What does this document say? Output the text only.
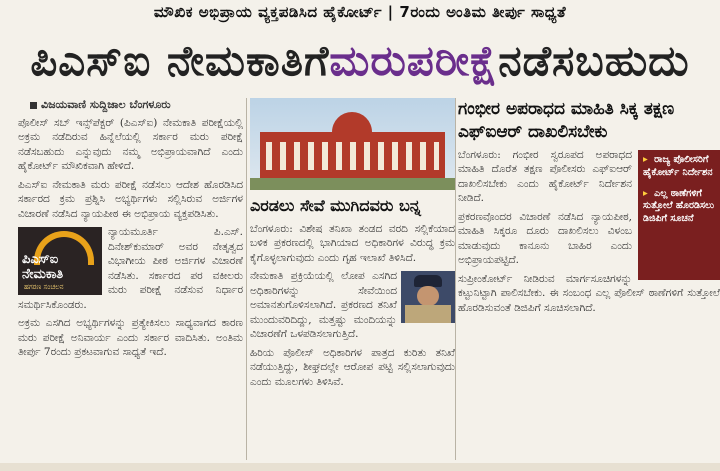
ಮೌಖಿಕ ಅಭಿಪ್ರಾಯ ವ್ಯಕ್ತಪಡಿಸಿದ ಹೈಕೋರ್ಟ್ | 7ರಂದು ಅಂತಿಮ ತೀರ್ಪು ಸಾಧ್ಯತೆ
ಪಿಎಸ್‌ಐ ನೇಮಕಾತಿಗೆ ಮರುಪರೀಕ್ಷೆ ನಡೆಸಬಹುದು
ವಿಜಯವಾಣಿ ಸುದ್ದಿಜಾಲ ಬೆಂಗಳೂರು

ಪೊಲೀಸ್ ಸಬ್ ಇನ್ಸ್‌ಪೆಕ್ಟರ್ (ಪಿಎಸ್‌ಐ) ನೇಮಕಾತಿ ಪರೀಕ್ಷೆಯಲ್ಲಿ ಅಕ್ರಮ ನಡೆದಿರುವ ಹಿನ್ನೆಲೆಯಲ್ಲಿ ಸರ್ಕಾರ ಮರು ಪರೀಕ್ಷೆ ನಡೆಸಬಹುದು ಎನ್ನುವುದು ನಮ್ಮ ಅಭಿಪ್ರಾಯವಾಗಿದೆ ಎಂದು ಹೈಕೋರ್ಟ್ ಮೌಖಿಕವಾಗಿ ಹೇಳಿದೆ.

ಪಿಎಸ್‌ಐ ನೇಮಕಾತಿ ಮರು ಪರೀಕ್ಷೆ ನಡೆಸಲು ಆದೇಶ ಹೊರಡಿಸಿದ ಸರ್ಕಾರದ ಕ್ರಮ ಪ್ರಶ್ನಿಸಿ ಅಭ್ಯರ್ಥಿಗಳು ಸಲ್ಲಿಸಿರುವ ಅರ್ಜಿಗಳ ವಿಚಾರಣೆ ನಡೆಸಿದ ನ್ಯಾಯಪೀಠ ಈ ಅಭಿಪ್ರಾಯ ವ್ಯಕ್ತಪಡಿಸಿತು.

ಪಿಎಸ್‌ಐ ನೇಮಕಾತಿ
ಹಗರಣ ಸಂಚಲನ

ನ್ಯಾಯಮೂರ್ತಿ ಪಿ.ಎಸ್. ದಿನೇಶ್‌ಕುಮಾರ್ ಅವರ ನೇತೃತ್ವದ ವಿಭಾಗೀಯ ಪೀಠ ಅರ್ಜಿಗಳ ವಿಚಾರಣೆ ನಡೆಸಿತು. ಸರ್ಕಾರದ ಪರ ವಕೀಲರು ಮರು ಪರೀಕ್ಷೆ ನಡೆಸುವ ನಿರ್ಧಾರ ಸಮರ್ಥಿಸಿಕೊಂಡರು.

ಅಕ್ರಮ ಎಸಗಿದ ಅಭ್ಯರ್ಥಿಗಳನ್ನು ಪ್ರತ್ಯೇಕಿಸಲು ಸಾಧ್ಯವಾಗದ ಕಾರಣ ಮರು ಪರೀಕ್ಷೆ ಅನಿವಾರ್ಯ ಎಂದು ಸರ್ಕಾರ ವಾದಿಸಿತು. ಅಂತಿಮ ತೀರ್ಪು 7ರಂದು ಪ್ರಕಟವಾಗುವ ಸಾಧ್ಯತೆ ಇದೆ.

ಎರಡಲು ಸೇವೆ ಮುಗಿದವರು ಬನ್ನ

ಬೆಂಗಳೂರು: ವಿಶೇಷ ತನಿಖಾ ತಂಡದ ವರದಿ ಸಲ್ಲಿಕೆಯಾದ ಬಳಿಕ ಪ್ರಕರಣದಲ್ಲಿ ಭಾಗಿಯಾದ ಅಧಿಕಾರಿಗಳ ವಿರುದ್ಧ ಕ್ರಮ ಕೈಗೊಳ್ಳಲಾಗುವುದು ಎಂದು ಗೃಹ ಇಲಾಖೆ ತಿಳಿಸಿದೆ.

ನೇಮಕಾತಿ ಪ್ರಕ್ರಿಯೆಯಲ್ಲಿ ಲೋಪ ಎಸಗಿದ ಅಧಿಕಾರಿಗಳನ್ನು ಸೇವೆಯಿಂದ ಅಮಾನತುಗೊಳಿಸಲಾಗಿದೆ. ಪ್ರಕರಣದ ತನಿಖೆ ಮುಂದುವರಿದಿದ್ದು, ಮತ್ತಷ್ಟು ಮಂದಿಯನ್ನು ವಿಚಾರಣೆಗೆ ಒಳಪಡಿಸಲಾಗುತ್ತಿದೆ.

ಹಿರಿಯ ಪೊಲೀಸ್ ಅಧಿಕಾರಿಗಳ ಪಾತ್ರದ ಕುರಿತು ತನಿಖೆ ನಡೆಯುತ್ತಿದ್ದು, ಶೀಘ್ರದಲ್ಲೇ ಆರೋಪ ಪಟ್ಟಿ ಸಲ್ಲಿಸಲಾಗುವುದು ಎಂದು ಮೂಲಗಳು ತಿಳಿಸಿವೆ.

ಗಂಭೀರ ಅಪರಾಧದ ಮಾಹಿತಿ ಸಿಕ್ಕ ತಕ್ಷಣ ಎಫ್‌ಐಆರ್ ದಾಖಲಿಸಬೇಕು
▸ ರಾಜ್ಯ ಪೊಲೀಸರಿಗೆ ಹೈಕೋರ್ಟ್ ನಿರ್ದೇಶನ
▸ ಎಲ್ಲ ಠಾಣೆಗಳಿಗೆ ಸುತ್ತೋಲೆ ಹೊರಡಿಸಲು ಡಿಜಿಪಿಗೆ ಸೂಚನೆ

ಬೆಂಗಳೂರು: ಗಂಭೀರ ಸ್ವರೂಪದ ಅಪರಾಧದ ಮಾಹಿತಿ ದೊರೆತ ತಕ್ಷಣ ಪೊಲೀಸರು ಎಫ್‌ಐಆರ್ ದಾಖಲಿಸಬೇಕು ಎಂದು ಹೈಕೋರ್ಟ್ ನಿರ್ದೇಶನ ನೀಡಿದೆ.

ಪ್ರಕರಣವೊಂದರ ವಿಚಾರಣೆ ನಡೆಸಿದ ನ್ಯಾಯಪೀಠ, ಮಾಹಿತಿ ಸಿಕ್ಕರೂ ದೂರು ದಾಖಲಿಸಲು ವಿಳಂಬ ಮಾಡುವುದು ಕಾನೂನು ಬಾಹಿರ ಎಂದು ಅಭಿಪ್ರಾಯಪಟ್ಟಿದೆ.

ಸುಪ್ರೀಂಕೋರ್ಟ್ ನೀಡಿರುವ ಮಾರ್ಗಸೂಚಿಗಳನ್ನು ಕಟ್ಟುನಿಟ್ಟಾಗಿ ಪಾಲಿಸಬೇಕು. ಈ ಸಂಬಂಧ ಎಲ್ಲ ಪೊಲೀಸ್ ಠಾಣೆಗಳಿಗೆ ಸುತ್ತೋಲೆ ಹೊರಡಿಸುವಂತೆ ಡಿಜಿಪಿಗೆ ಸೂಚಿಸಲಾಗಿದೆ.
